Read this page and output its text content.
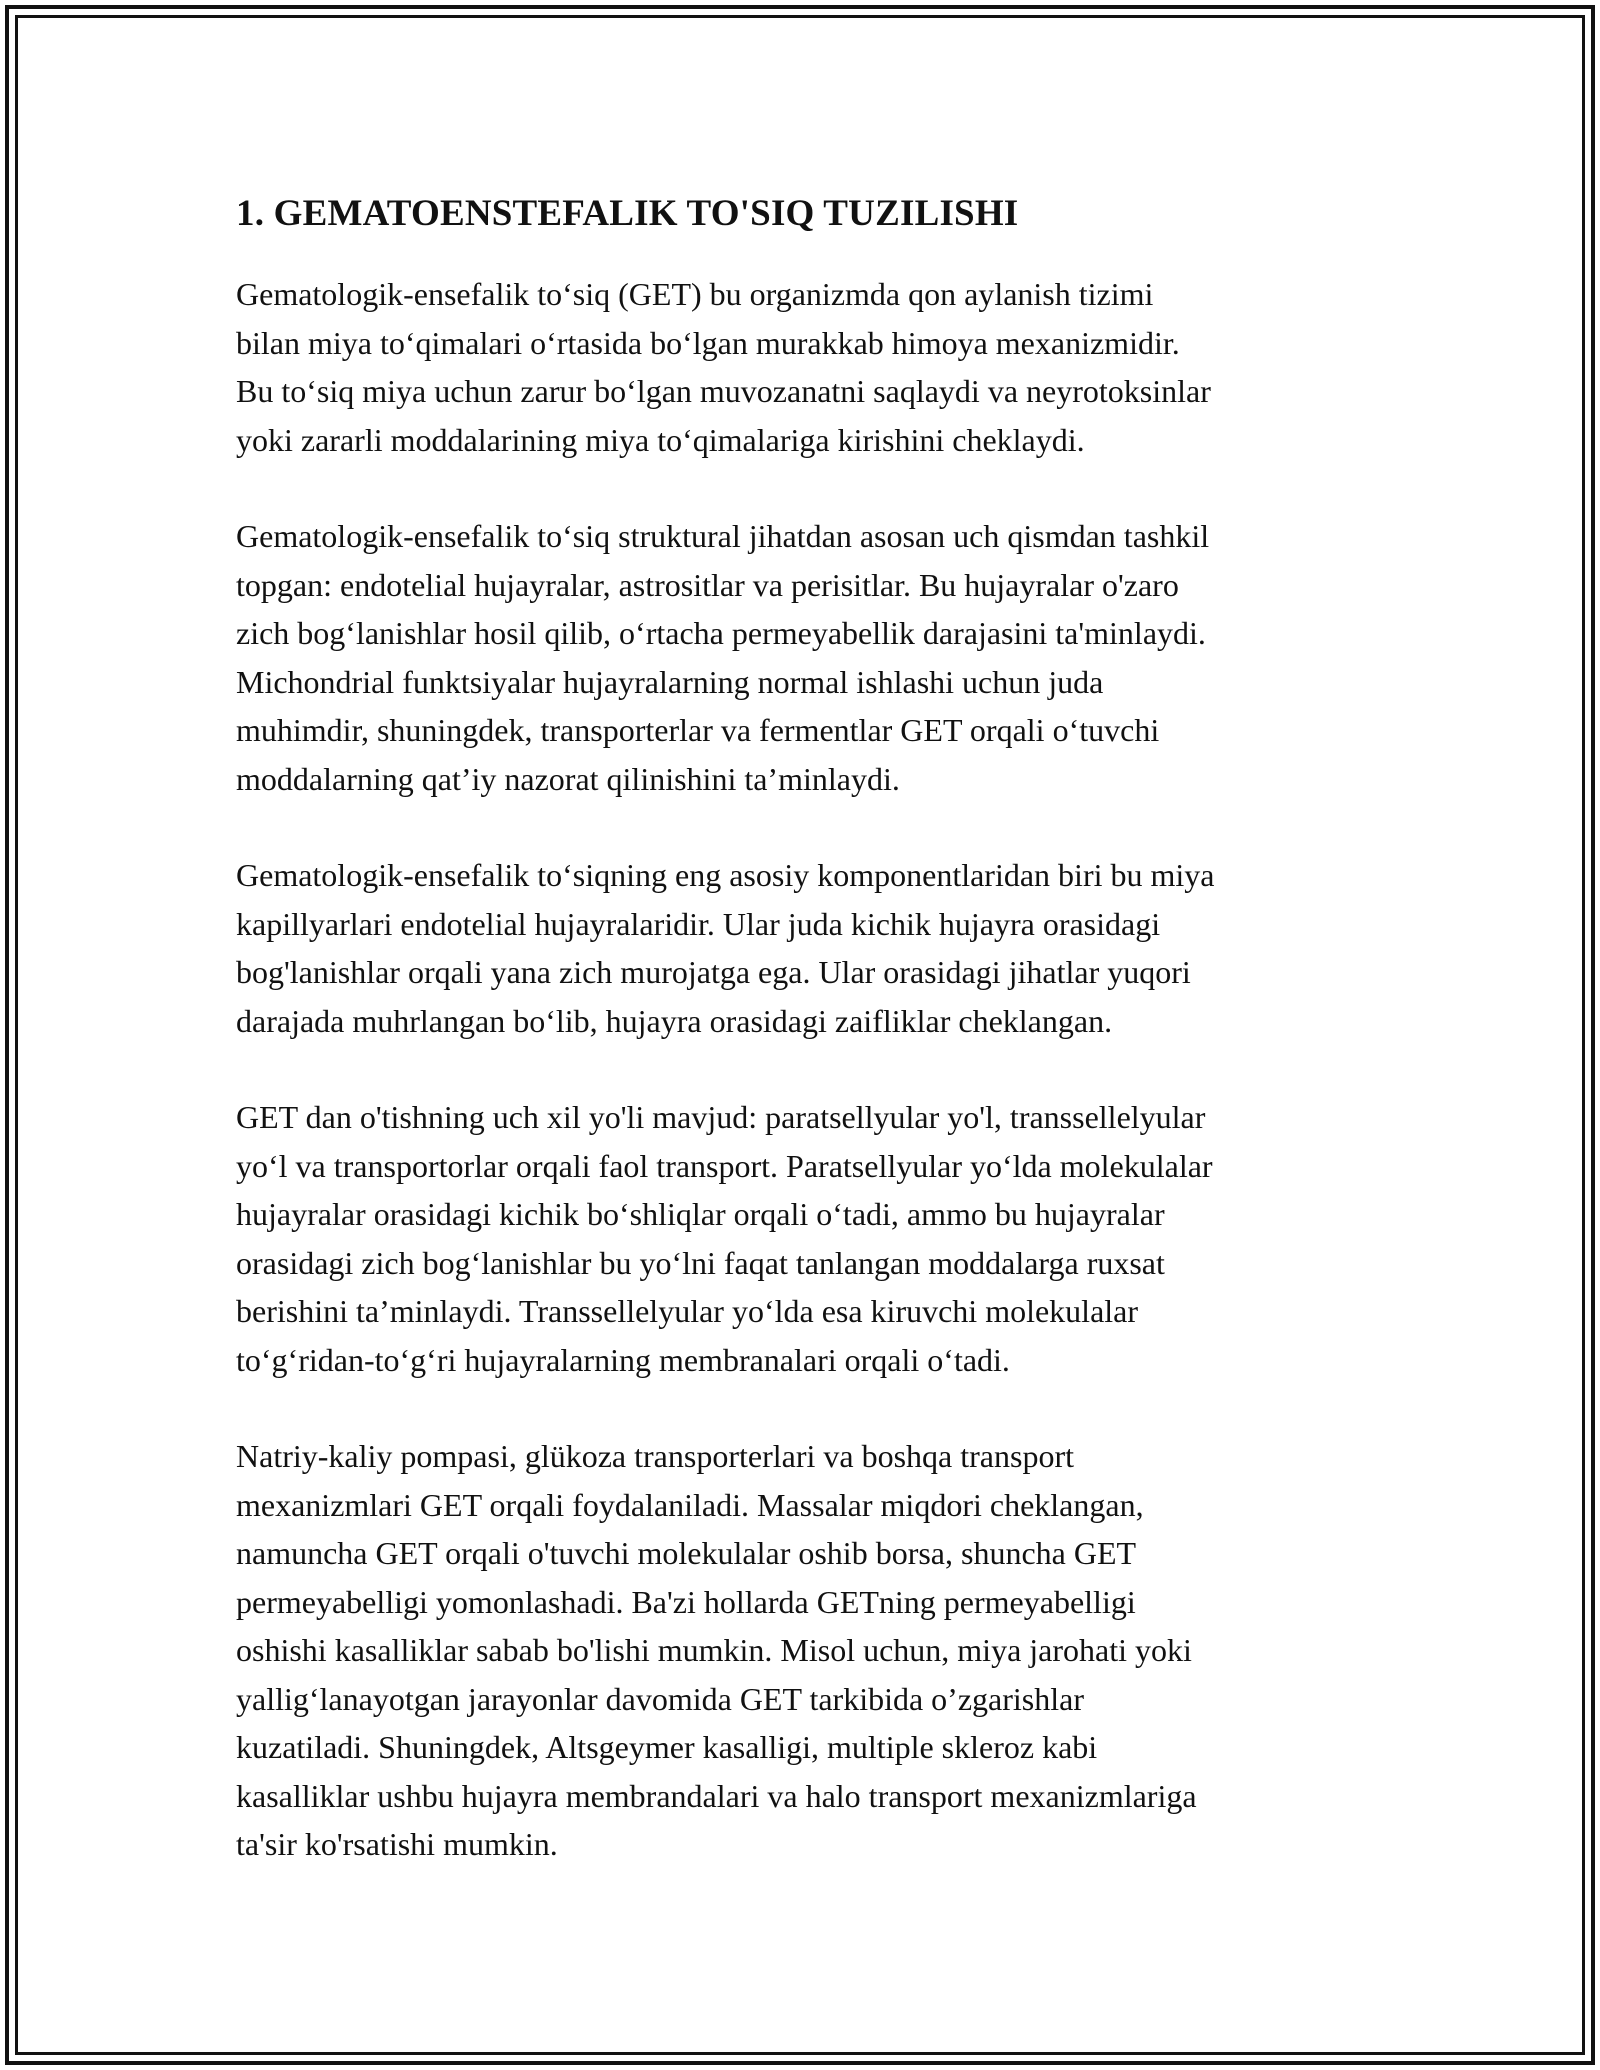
1. GEMATOENSTEFALIK TO'SIQ TUZILISHI

Gematologik-ensefalik to‘siq (GET) bu organizmda qon aylanish tizimi
bilan miya to‘qimalari o‘rtasida bo‘lgan murakkab himoya mexanizmidir.
Bu to‘siq miya uchun zarur bo‘lgan muvozanatni saqlaydi va neyrotoksinlar
yoki zararli moddalarining miya to‘qimalariga kirishini cheklaydi.

Gematologik-ensefalik to‘siq struktural jihatdan asosan uch qismdan tashkil
topgan: endotelial hujayralar, astrositlar va perisitlar. Bu hujayralar o'zaro
zich bog‘lanishlar hosil qilib, o‘rtacha permeyabellik darajasini ta'minlaydi.
Michondrial funktsiyalar hujayralarning normal ishlashi uchun juda
muhimdir, shuningdek, transporterlar va fermentlar GET orqali o‘tuvchi
moddalarning qat’iy nazorat qilinishini ta’minlaydi.

Gematologik-ensefalik to‘siqning eng asosiy komponentlaridan biri bu miya
kapillyarlari endotelial hujayralaridir. Ular juda kichik hujayra orasidagi
bog'lanishlar orqali yana zich murojatga ega. Ular orasidagi jihatlar yuqori
darajada muhrlangan bo‘lib, hujayra orasidagi zaifliklar cheklangan.

GET dan o'tishning uch xil yo'li mavjud: paratsellyular yo'l, transsellelyular
yo‘l va transportorlar orqali faol transport. Paratsellyular yo‘lda molekulalar
hujayralar orasidagi kichik bo‘shliqlar orqali o‘tadi, ammo bu hujayralar
orasidagi zich bog‘lanishlar bu yo‘lni faqat tanlangan moddalarga ruxsat
berishini ta’minlaydi. Transsellelyular yo‘lda esa kiruvchi molekulalar
to‘g‘ridan-to‘g‘ri hujayralarning membranalari orqali o‘tadi.

Natriy-kaliy pompasi, glükoza transporterlari va boshqa transport
mexanizmlari GET orqali foydalaniladi. Massalar miqdori cheklangan,
namuncha GET orqali o'tuvchi molekulalar oshib borsa, shuncha GET
permeyabelligi yomonlashadi. Ba'zi hollarda GETning permeyabelligi
oshishi kasalliklar sabab bo'lishi mumkin. Misol uchun, miya jarohati yoki
yallig‘lanayotgan jarayonlar davomida GET tarkibida o’zgarishlar
kuzatiladi. Shuningdek, Altsgeymer kasalligi, multiple skleroz kabi
kasalliklar ushbu hujayra membrandalari va halo transport mexanizmlariga
ta'sir ko'rsatishi mumkin.
